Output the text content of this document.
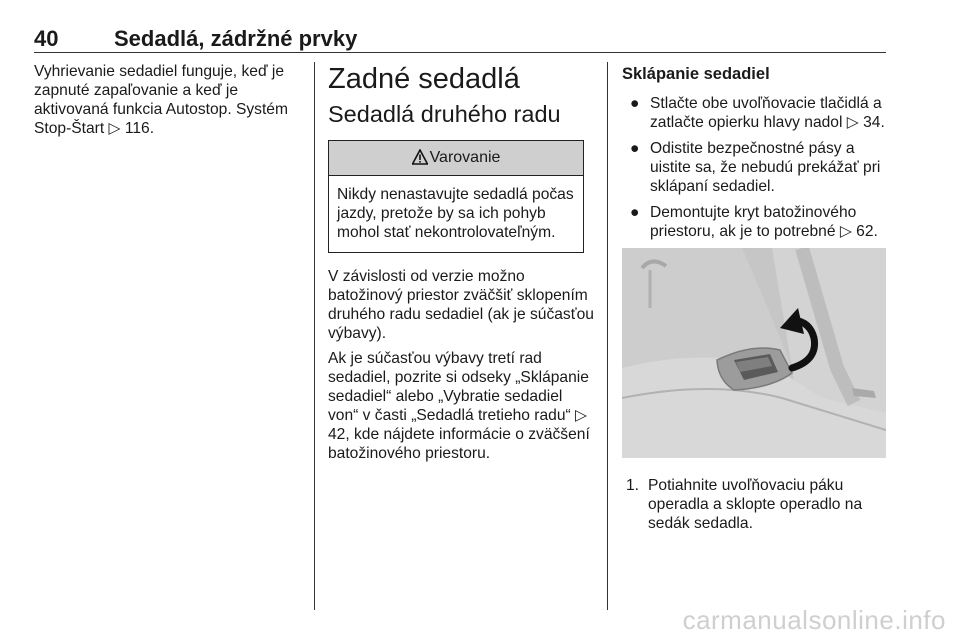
40	Sedadlá, zádržné prvky

Vyhrievanie sedadiel funguje, keď je zapnuté zapaľovanie a keď je aktivovaná funkcia Autostop. Systém Stop-Štart ▷ 116.

Zadné sedadlá
Sedadlá druhého radu
Varovanie
Nikdy nenastavujte sedadlá počas jazdy, pretože by sa ich pohyb mohol stať nekontrolovateľným.

V závislosti od verzie možno batožinový priestor zväčšiť sklopením druhého radu sedadiel (ak je súčasťou výbavy).

Ak je súčasťou výbavy tretí rad sedadiel, pozrite si odseky „Sklápanie sedadiel“ alebo „Vybratie sedadiel von“ v časti „Sedadlá tretieho radu“ ▷ 42, kde nájdete informácie o zväčšení batožinového priestoru.

Sklápanie sedadiel
● Stlačte obe uvoľňovacie tlačidlá a zatlačte opierku hlavy nadol ▷ 34.
● Odistite bezpečnostné pásy a uistite sa, že nebudú prekážať pri sklápaní sedadiel.
● Demontujte kryt batožinového priestoru, ak je to potrebné ▷ 62.
1. Potiahnite uvoľňovaciu páku operadla a sklopte operadlo na sedák sedadla.
carmanualsonline.info
